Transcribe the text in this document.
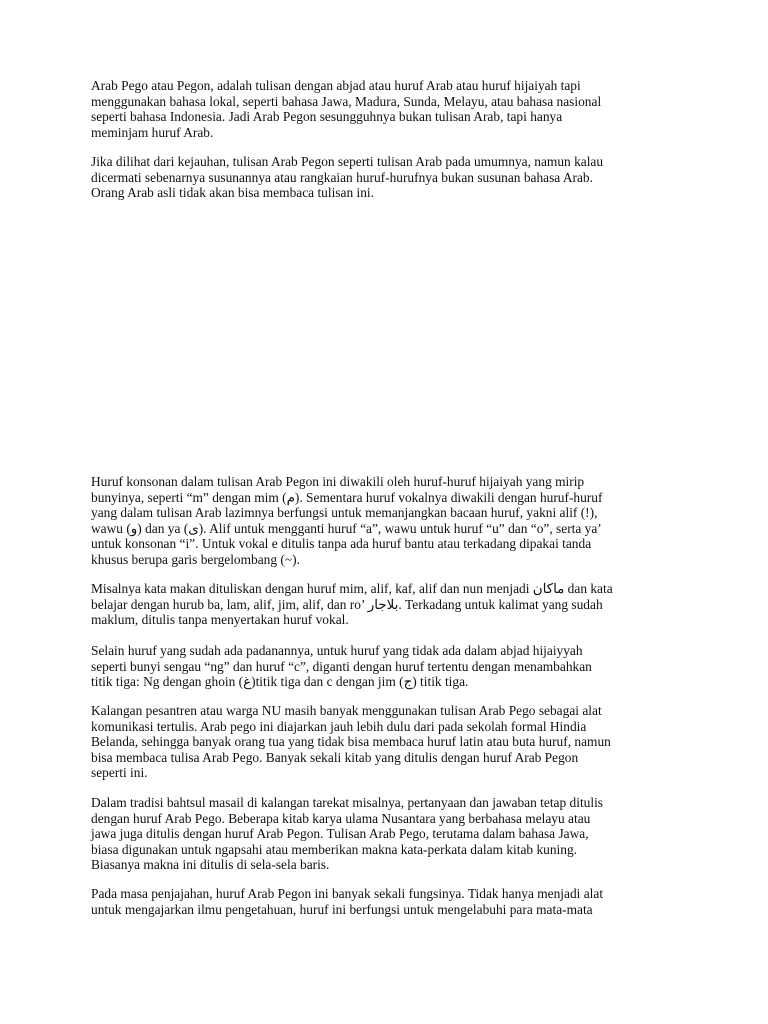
Arab Pego atau Pegon, adalah tulisan dengan abjad atau huruf Arab atau huruf hijaiyah tapi
menggunakan bahasa lokal, seperti bahasa Jawa, Madura, Sunda, Melayu, atau bahasa nasional
seperti bahasa Indonesia. Jadi Arab Pegon sesungguhnya bukan tulisan Arab, tapi hanya
meminjam huruf Arab.

Jika dilihat dari kejauhan, tulisan Arab Pegon seperti tulisan Arab pada umumnya, namun kalau
dicermati sebenarnya susunannya atau rangkaian huruf-hurufnya bukan susunan bahasa Arab.
Orang Arab asli tidak akan bisa membaca tulisan ini.

Huruf konsonan dalam tulisan Arab Pegon ini diwakili oleh huruf-huruf hijaiyah yang mirip
bunyinya, seperti “m” dengan mim (م). Sementara huruf vokalnya diwakili dengan huruf-huruf
yang dalam tulisan Arab lazimnya berfungsi untuk memanjangkan bacaan huruf, yakni alif (!),
wawu (و) dan ya (ى). Alif untuk mengganti huruf “a”, wawu untuk huruf “u” dan “o”, serta ya’
untuk konsonan “i”. Untuk vokal e ditulis tanpa ada huruf bantu atau terkadang dipakai tanda
khusus berupa garis bergelombang (~).

Misalnya kata makan dituliskan dengan huruf mim, alif, kaf, alif dan nun menjadi ماكان dan kata
belajar dengan hurub ba, lam, alif, jim, alif, dan ro’ بلاجار. Terkadang untuk kalimat yang sudah
maklum, ditulis tanpa menyertakan huruf vokal.

Selain huruf yang sudah ada padanannya, untuk huruf yang tidak ada dalam abjad hijaiyyah
seperti bunyi sengau “ng” dan huruf “c”, diganti dengan huruf tertentu dengan menambahkan
titik tiga: Ng dengan ghoin (غ)titik tiga dan c dengan jim (ج) titik tiga.

Kalangan pesantren atau warga NU masih banyak menggunakan tulisan Arab Pego sebagai alat
komunikasi tertulis. Arab pego ini diajarkan jauh lebih dulu dari pada sekolah formal Hindia
Belanda, sehingga banyak orang tua yang tidak bisa membaca huruf latin atau buta huruf, namun
bisa membaca tulisa Arab Pego. Banyak sekali kitab yang ditulis dengan huruf Arab Pegon
seperti ini.

Dalam tradisi bahtsul masail di kalangan tarekat misalnya, pertanyaan dan jawaban tetap ditulis
dengan huruf Arab Pego. Beberapa kitab karya ulama Nusantara yang berbahasa melayu atau
jawa juga ditulis dengan huruf Arab Pegon. Tulisan Arab Pego, terutama dalam bahasa Jawa,
biasa digunakan untuk ngapsahi atau memberikan makna kata-perkata dalam kitab kuning.
Biasanya makna ini ditulis di sela-sela baris.

Pada masa penjajahan, huruf Arab Pegon ini banyak sekali fungsinya. Tidak hanya menjadi alat
untuk mengajarkan ilmu pengetahuan, huruf ini berfungsi untuk mengelabuhi para mata-mata
